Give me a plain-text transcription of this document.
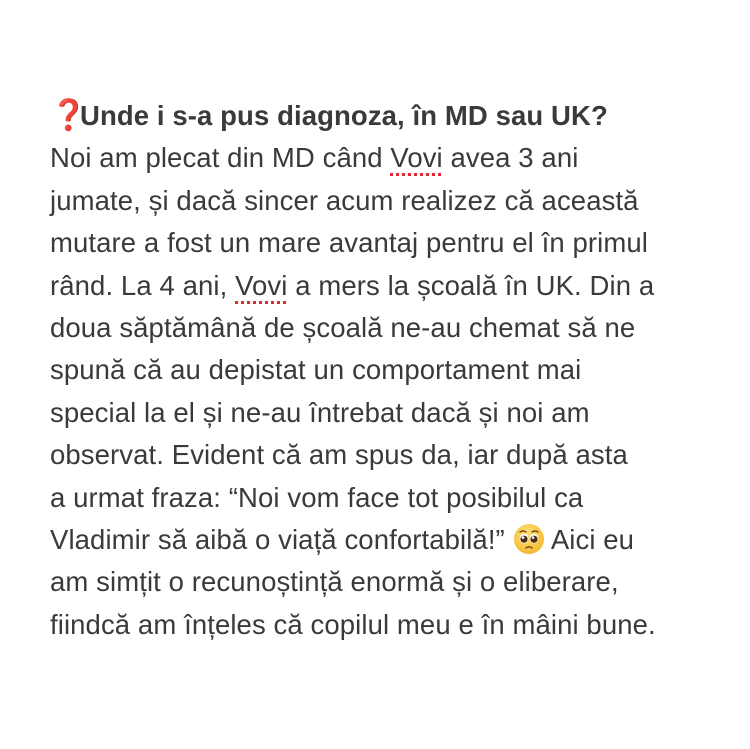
❓Unde i s-a pus diagnoza, în MD sau UK?
Noi am plecat din MD când Vovi avea 3 ani
jumate, și dacă sincer acum realizez că această
mutare a fost un mare avantaj pentru el în primul
rând. La 4 ani, Vovi a mers la școală în UK. Din a
doua săptămână de școală ne-au chemat să ne
spună că au depistat un comportament mai
special la el și ne-au întrebat dacă și noi am
observat. Evident că am spus da, iar după asta
a urmat fraza: “Noi vom face tot posibilul ca
Vladimir să aibă o viață confortabilă!” Aici eu
am simțit o recunoștință enormă și o eliberare,
fiindcă am înțeles că copilul meu e în mâini bune.
